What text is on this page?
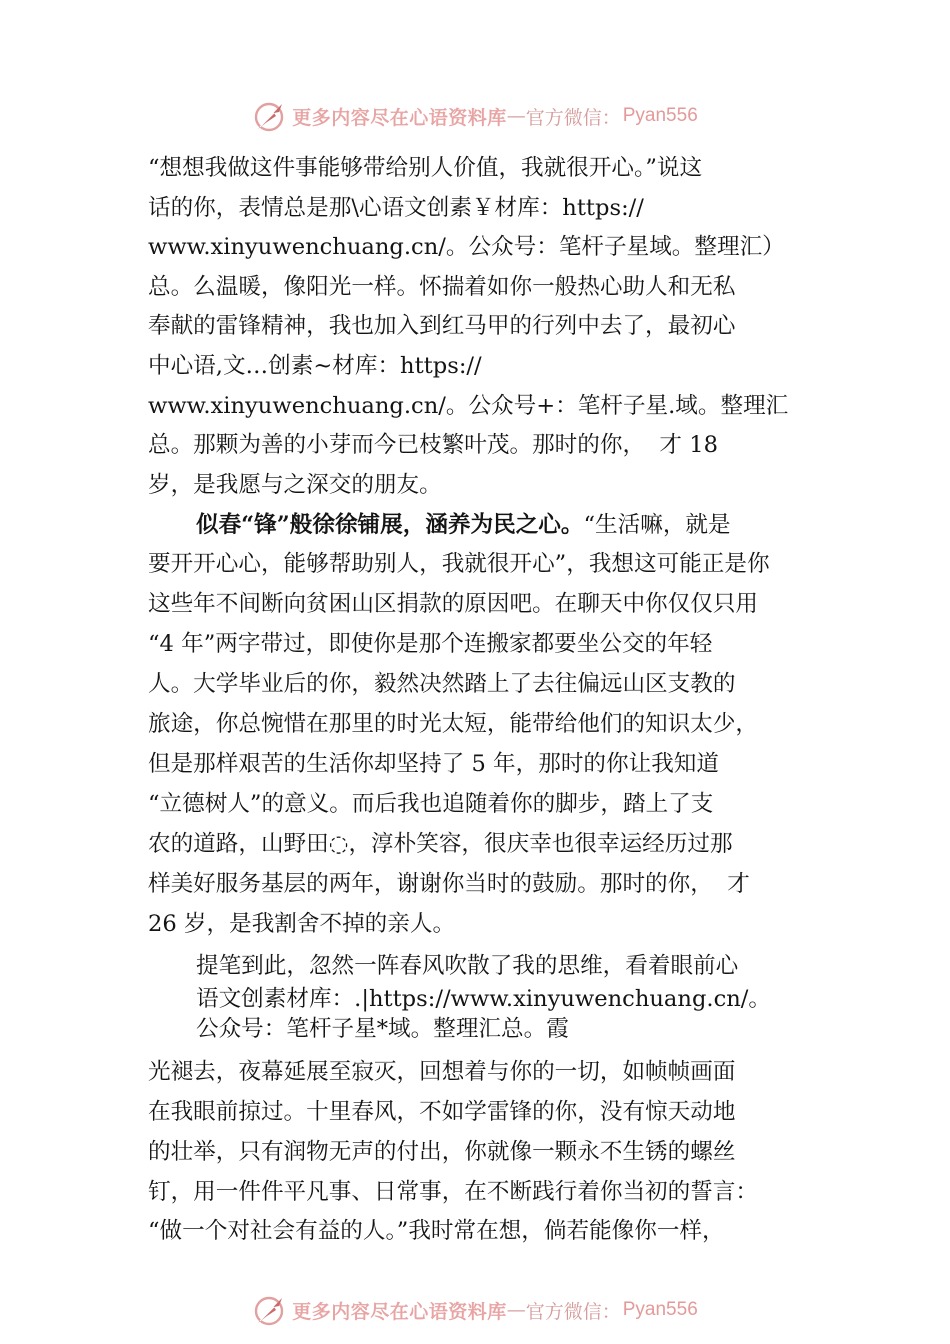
更多内容尽在心语资料库 — 官方微信： Pyan556
“想想我做这件事能够带给别人价值，我就很开心。”说这
话的你，表情总是那\心语文创素￥材库：https://
www.xinyuwenchuang.cn/。公众号：笔杆子星域。整理汇）
总。么温暖，像阳光一样。怀揣着如你一般热心助人和无私
奉献的雷锋精神，我也加入到红马甲的行列中去了，最初心
中心语,文…创素~材库：https://
www.xinyuwenchuang.cn/。公众号+：笔杆子星.域。整理汇
总。那颗为善的小芽而今已枝繁叶茂。那时的你，  才 18
岁，是我愿与之深交的朋友。
似春“锋”般徐徐铺展，涵养为民之心。“生活嘛，就是
要开开心心，能够帮助别人，我就很开心”，我想这可能正是你
这些年不间断向贫困山区捐款的原因吧。在聊天中你仅仅只用
“4 年”两字带过，即使你是那个连搬家都要坐公交的年轻
人。大学毕业后的你，毅然决然踏上了去往偏远山区支教的
旅途，你总惋惜在那里的时光太短，能带给他们的知识太少，
但是那样艰苦的生活你却坚持了 5 年，那时的你让我知道
“立德树人”的意义。而后我也追随着你的脚步，踏上了支
农的道路，山野田◌，淳朴笑容，很庆幸也很幸运经历过那
样美好服务基层的两年，谢谢你当时的鼓励。那时的你，  才
26 岁，是我割舍不掉的亲人。
提笔到此，忽然一阵春风吹散了我的思维，看着眼前心
语文创素材库：.|https://www.xinyuwenchuang.cn/。
公众号：笔杆子星*域。整理汇总。霞
光褪去，夜幕延展至寂灭，回想着与你的一切，如帧帧画面
在我眼前掠过。十里春风，不如学雷锋的你，没有惊天动地
的壮举，只有润物无声的付出，你就像一颗永不生锈的螺丝
钉，用一件件平凡事、日常事，在不断践行着你当初的誓言：
“做一个对社会有益的人。”我时常在想，倘若能像你一样，
更多内容尽在心语资料库 — 官方微信： Pyan556
